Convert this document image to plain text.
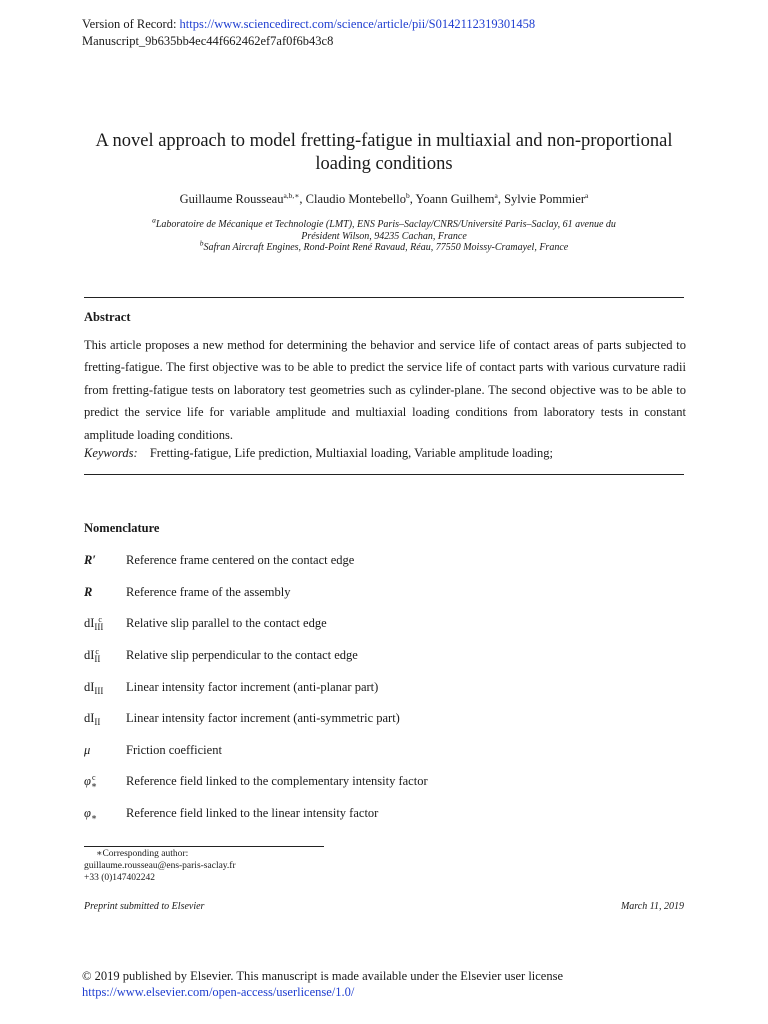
Version of Record: https://www.sciencedirect.com/science/article/pii/S0142112319301458
Manuscript_9b635bb4ec44f662462ef7af0f6b43c8
A novel approach to model fretting-fatigue in multiaxial and non-proportional
loading conditions
Guillaume Rousseau$^{a,b,∗}$, Claudio Montebello$^b$, Yoann Guilhem$^a$, Sylvie Pommier$^a$
$^a$Laboratoire de Mécanique et Technologie (LMT), ENS Paris–Saclay/CNRS/Université Paris–Saclay, 61 avenue du
Président Wilson, 94235 Cachan, France
$^b$Safran Aircraft Engines, Rond-Point René Ravaud, Réau, 77550 Moissy-Cramayel, France
Abstract
This article proposes a new method for determining the behavior and service life of contact areas of parts subjected to fretting-fatigue. The first objective was to be able to predict the service life of contact parts with various curvature radii from fretting-fatigue tests on laboratory test geometries such as cylinder-plane. The second objective was to be able to predict the service life for variable amplitude and multiaxial loading conditions from laboratory tests in constant amplitude loading conditions.
Keywords: Fretting-fatigue, Life prediction, Multiaxial loading, Variable amplitude loading;
Nomenclature
R′	Reference frame centered on the contact edge
R	Reference frame of the assembly
$dI_{III}^c$	Relative slip parallel to the contact edge
$dI_{II}^c$	Relative slip perpendicular to the contact edge
$dI_{III}$	Linear intensity factor increment (anti-planar part)
$dI_{II}$	Linear intensity factor increment (anti-symmetric part)
μ	Friction coefficient
$\varphi_∗^c$	Reference field linked to the complementary intensity factor
$\varphi_∗$	Reference field linked to the linear intensity factor
∗Corresponding author:
guillaume.rousseau@ens-paris-saclay.fr
+33 (0)147402242
Preprint submitted to Elsevier	March 11, 2019
© 2019 published by Elsevier. This manuscript is made available under the Elsevier user license
https://www.elsevier.com/open-access/userlicense/1.0/
